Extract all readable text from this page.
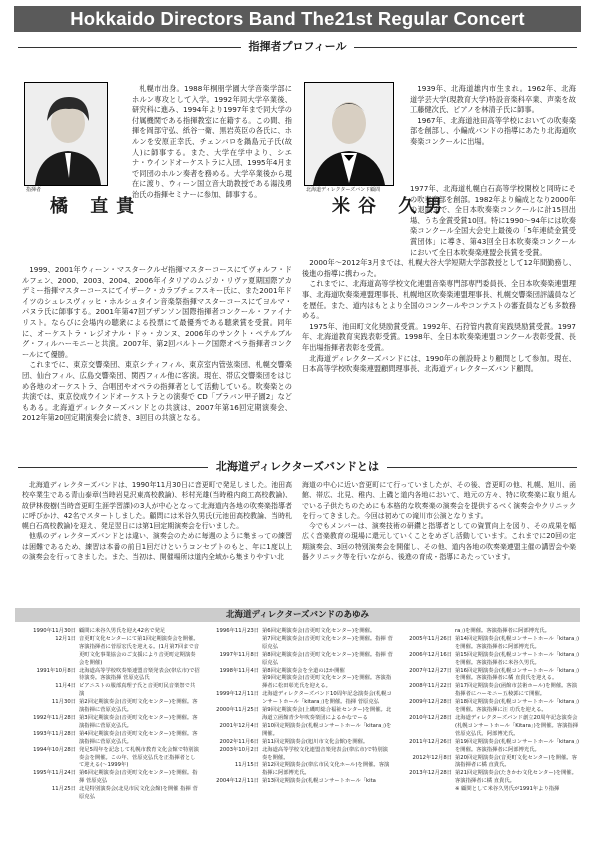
Hokkaido Directors Band The21st Regular Concert
指揮者プロフィール
指揮者
橘 直貴

札幌市出身。1988年桐朋学園大学音楽学部にホルン専攻として入学。1992年同大学卒業後、研究科に進み、1994年より1997年まで同大学の付属機関である指揮教室に在籍する。この間、指揮を岡部守弘、紙谷一衛、黒岩英臣の各氏に、ホルンを安原正幸氏、チェンバロを鍋島元子氏(故人)に師事する。また、大学在学中より、シエナ・ウインドオーケストラに入団、1995年4月まで同団のホルン奏者を務める。大学卒業後から現在に渡り、ウィーン国立音大助教授である湯浅勇治氏の指揮セミナーに参加、師事する。

1999、2001年ウィーン・マスタークルゼ指揮マスターコースにてヴォルフ・ドルフェン、2000、2003、2004、2006年イタリアのムジカ・リヴァ夏期国際アカデミー指揮マスターコースにてイザーク・カラブチェフスキー氏に、また2001年ドイツのシュレスヴィッヒ・ホルシュタイン音楽祭指揮マスターコースにてヨルマ・パヌラ氏に師事する。2001年第47回ブザンソン国際指揮者コンクール・ファイナリスト。ならびに会場内の聴衆による投票にて最優秀である聴衆賞を受賞。同年に、オーケストラ・レジオナル・ドゥ・カンヌ、2006年のサンクト・ペテルブルグ・フィルハーモニーと共演。2007年、第2回バルトーク国際オペラ指揮者コンクールにて優勝。

これまでに、東京交響楽団、東京シティフィル、東京室内管弦楽団、札幌交響楽団、仙台フィル、広島交響楽団、関西フィル他に客演。現在、帯広交響楽団をはじめ各地のオーケストラ、合唱団やオペラの指揮者として活動している。吹奏楽との共演では、東京佼成ウインドオーケストラとの演奏で CD「ブラバン甲子園2」などもある。北海道ディレクターズバンドとの共演は、2007年第16回定期演奏会、2012年第20回定期演奏会に続き、3回目の共演となる。

北海道ディレクターズバンド顧問
米谷 久男

1939年、北海道雄内市生まれ。1962年、北海道学芸大学(現教育大学)特設音楽科卒業、声楽を故工藤健次氏、ピアノを林清子氏に師事。

1967年、北海道池田高等学校においての吹奏楽部を創部し、小編成バンドの指導にあたり北海道吹奏楽コンクールに出場。

1977年、北海道札幌白石高等学校開校と同時にその吹奏楽部を創部。1982年より編成となり2000年の退職まで、全日本吹奏楽コンクールに計15回出場、うち金賞受賞10回。特に1990〜94年には吹奏楽コンクール全国大会史上最後の「5年連続金賞受賞団体」に導き、第43回全日本吹奏楽コンクールにおいて全日本吹奏楽連盟会長賞を受賞。

2000年〜2012年3月までは、札幌大谷大学短期大学部教授として12年間勤務し、後進の指導に携わった。

これまでに、北海道高等学校文化連盟音楽専門部専門委員長、全日本吹奏楽連盟理事、北海道吹奏楽連盟理事長、札幌地区吹奏楽連盟理事長、札幌交響楽団評議員などを歴任。また、道内はもとより全国のコンクールやコンテストの審査員なども多数務める。

1975年、池田町文化奨励賞受賞。1992年、石狩管内教育実践奨励賞受賞。1997年、北海道教育実践表彰受賞。1998年、全日本吹奏楽連盟コンクール表彰受賞、長年出場指揮者表彰を受賞。

北海道ディレクターズバンドには、1990年の創設時より顧問として参加。現在、日本高等学校吹奏楽連盟顧問理事長、北海道ディレクターズバンド顧問。

北海道ディレクターズバンドとは

北海道ディレクターズバンドは、1990年11月30日に音更町で発足しました。池田高校卒業生である青山泰章(当時岩見沢東高校教論)、杉村光雄(当時稚内商工高校教論)、故伊林俊樹(当時音更町生涯学習課)の3人が中心となって北海道内各地の吹奏楽指導者に呼びかけ、42名でスタートしました。顧問には米谷久男氏(元池田高校教論、当時札幌白石高校教論)を迎え、発足翌日には第1回定期演奏会を行いました。

他県のディレクターズバンドとは違い、演奏会のために毎週のように集まっての練習は困難であるため、練習は本番の前日1回だけというコンセプトのもと、年に1度以上の演奏会を行ってきました。また、当初は、開催場所は道内全域から集まりやすい北

海道の中心に近い音更町にて行っていましたが、その後、音更町の他、札幌、旭川、函館、帯広、北見、稚内、上磯と道内各地において、地元の方々、特に吹奏楽に取り組んでいる子供たちのためにも本格的な吹奏楽の演奏会を提供するべく演奏会やクリニックを行ってきました。今回は初めての滝川市公演となります。

今でもメンバーは、演奏技術の研鑽と指導者としての資質向上を図り、その成果を幅広く音楽教育の現場に還元していくことをめざし活動しています。これまでに20回の定期演奏会、3回の特別演奏会を開催し、その他、道内各地の吹奏楽連盟主催の講習会や楽器クリニック等を行いながら、後進の育成・指導にあたっています。

北海道ディレクターズバンドのあゆみ
1990年11月30日	顧問に米谷久男氏を迎え42名で発足
12月1日	音更町文化センターにて第1回定期演奏会を開催。客演指揮者に菅原宏氏を迎える。(1月第7回まで音更町文化事業協会のご支援により音更町定期演奏会を開催)
1991年10月8日	北海道高等学校吹奏楽連盟音楽発表会(帯広市)で招待演奏。客演指揮 菅原克弘氏
11月4日	ピアニストの服部真理子氏と音更町民音楽祭で共演
11月30日	第2回定期演奏会(音更町文化センター)を開催。客演指揮に菅原克弘氏。
1992年11月28日	第3回定期演奏会(音更町文化センター)を開催。客演指揮に菅原克弘氏。
1993年11月28日	第4回定期演奏会(音更町文化センター)を開催。客演指揮に菅原克弘氏。
1994年10月28日	発足5周年を記念して札幌市教育文化会館で特別演奏会を開催。この年、菅原克弘氏を正指揮者として迎える(〜1999年)
1995年11月24日	第6回定期演奏会(音更町文化センター)を開催。指揮 菅原克弘
11月25日	北見特別演奏会(北見市民文化会館)を開催 指揮 菅原克弘
1996年11月23日	第6回定期演奏会(音更町文化センター)を開催。
	第7回定期演奏会(音更町文化センター)を開催。指揮 菅原克弘
1997年11月8日	第8回定期演奏会(音更町文化センター)を開催。指揮 菅原克弘
1998年11月4日	第8回定期演奏会を全道のほか開催
	第9回定期演奏会(音更町文化センター)を開催。客演指揮者に松田彰光氏を迎える。
1999年12月11日	北海道ディレクターズバンド10周年記念演奏会(札幌コンサートホール「kitara」)を開催。指揮 菅原克弘
2000年11月25日	第9回定期演奏会(上磯町総合福祉センター)を開催。北海道立函館青少年吹奏楽団によるかなでーる
2001年12月4日	第10回定期演奏会(札幌コンサートホール「kitara」)を開催。
2002年11月6日	第11回定期演奏会(旭川市文化会館)を開催。
2003年10月2日	北海道高等学校文化連盟音楽発表会(帯広市)で特別演奏を開催。
11月15日	第12回定期演奏会(帯広市民文化ホール)を開催。客演指揮に阿部博光氏。
2004年12月11日	第13回定期演奏会(札幌コンサートホール「kita
	ra」)を開催。客演指揮者に阿部博光氏。
2005年11月26日	第14回定期演奏会(札幌コンサートホール「kitara」)を開催。客演指揮者に阿部博光氏。
2006年12月16日	第15回定期演奏会(札幌コンサートホール「kitara」)を開催。客演指揮者に米谷久男氏。
2007年12月27日	第16回定期演奏会(札幌コンサートホール「kitara」)を開催。客演指揮者に橘 直貴氏を迎える。
2008年11月22日	第17回定期演奏会(函館市芸術ホール)を開催。客演指揮者にハーモニー五稜郭にて開催。
2009年12月28日	第18回定期演奏会(札幌コンサートホール「kitara」)を開催。客演指揮に汪 功氏を迎える。
2010年12月28日	北海道ディレクターズバンド創立20周年記念演奏会(札幌コンサートホール「Kitara」)を開催。客演指揮 菅原克弘氏、阿部博光氏。
2011年12月26日	第19回定期演奏会(札幌コンサートホール「kitara」)を開催。客演指揮者に阿部博光氏。
2012年12月8日	第20回定期演奏会(音更町文化センター)を開催。客演指揮者に橘 直貴氏。
2013年12月28日	第21回定期演奏会(たきかわ文化センター)を開催。客演指揮者に橘 直貴氏。
	※ 顧問として米谷久男氏が1991年より指揮
